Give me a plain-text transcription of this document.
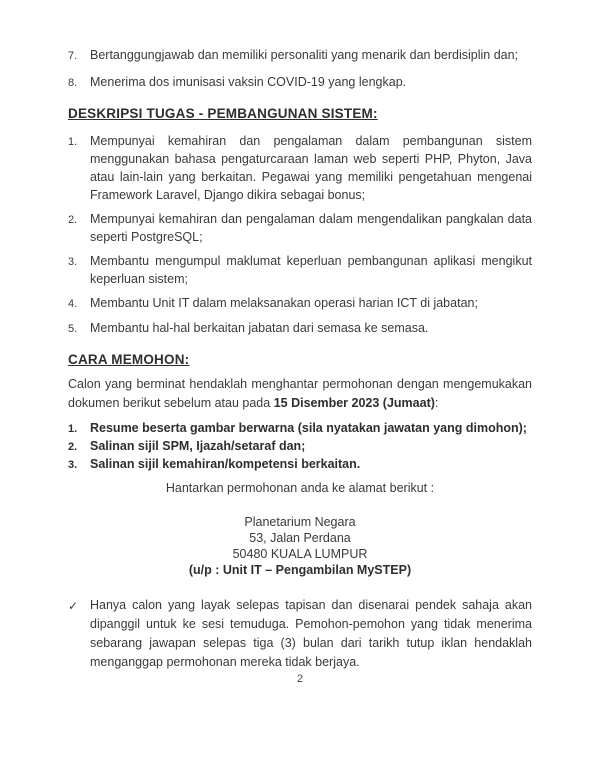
7.	Bertanggungjawab dan memiliki personaliti yang menarik dan berdisiplin dan;
8.	Menerima dos imunisasi vaksin COVID-19 yang lengkap.
DESKRIPSI TUGAS - PEMBANGUNAN SISTEM:
1.	Mempunyai kemahiran dan pengalaman dalam pembangunan sistem menggunakan bahasa pengaturcaraan laman web seperti PHP, Phyton, Java atau lain-lain yang berkaitan. Pegawai yang memiliki pengetahuan mengenai Framework Laravel, Django dikira sebagai bonus;
2.	Mempunyai kemahiran dan pengalaman dalam mengendalikan pangkalan data seperti PostgreSQL;
3.	Membantu mengumpul maklumat keperluan pembangunan aplikasi mengikut keperluan sistem;
4.	Membantu Unit IT dalam melaksanakan operasi harian ICT di jabatan;
5.	Membantu hal-hal berkaitan jabatan dari semasa ke semasa.
CARA MEMOHON:

Calon yang berminat hendaklah menghantar permohonan dengan mengemukakan dokumen berikut sebelum atau pada 15 Disember 2023 (Jumaat):

1.	Resume beserta gambar berwarna (sila nyatakan jawatan yang dimohon);
2.	Salinan sijil SPM, Ijazah/setaraf dan;
3.	Salinan sijil kemahiran/kompetensi berkaitan.

Hantarkan permohonan anda ke alamat berikut :

Planetarium Negara
53, Jalan Perdana
50480 KUALA LUMPUR
(u/p : Unit IT – Pengambilan MySTEP)
✓ Hanya calon yang layak selepas tapisan dan disenarai pendek sahaja akan dipanggil untuk ke sesi temuduga. Pemohon-pemohon yang tidak menerima sebarang jawapan selepas tiga (3) bulan dari tarikh tutup iklan hendaklah menganggap permohonan mereka tidak berjaya.
2
